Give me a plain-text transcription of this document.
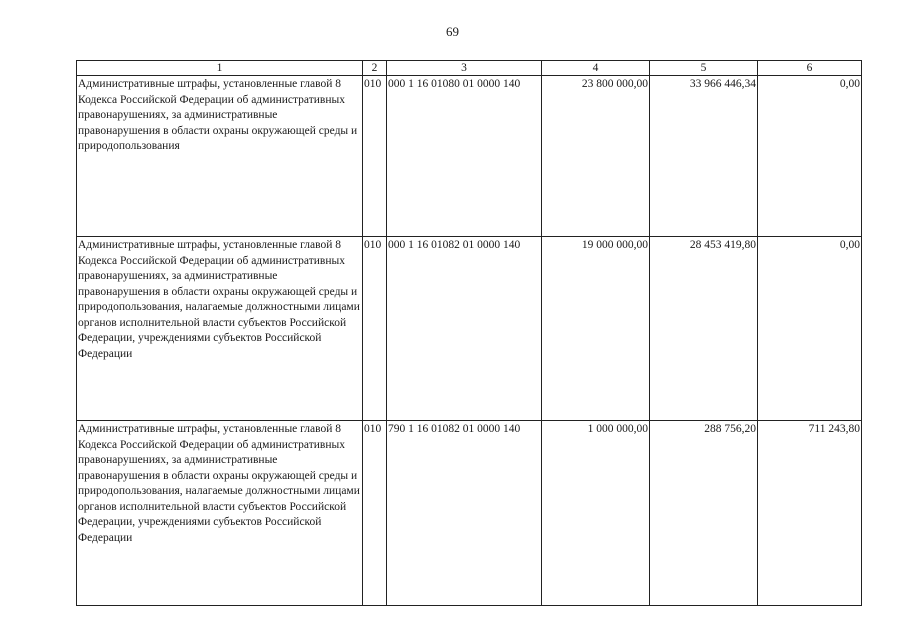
69
1	2	3	4	5	6
Административные штрафы, установленные главой 8 Кодекса Российской Федерации об административных правонарушениях, за административные правонарушения в области охраны окружающей среды и природопользования	010	000 1 16 01080 01 0000 140	23 800 000,00	33 966 446,34	0,00
Административные штрафы, установленные главой 8 Кодекса Российской Федерации об административных правонарушениях, за административные правонарушения в области охраны окружающей среды и природопользования, налагаемые должностными лицами органов исполнительной власти субъектов Российской Федерации, учреждениями субъектов Российской Федерации	010	000 1 16 01082 01 0000 140	19 000 000,00	28 453 419,80	0,00
Административные штрафы, установленные главой 8 Кодекса Российской Федерации об административных правонарушениях, за административные правонарушения в области охраны окружающей среды и природопользования, налагаемые должностными лицами органов исполнительной власти субъектов Российской Федерации, учреждениями субъектов Российской Федерации	010	790 1 16 01082 01 0000 140	1 000 000,00	288 756,20	711 243,80
